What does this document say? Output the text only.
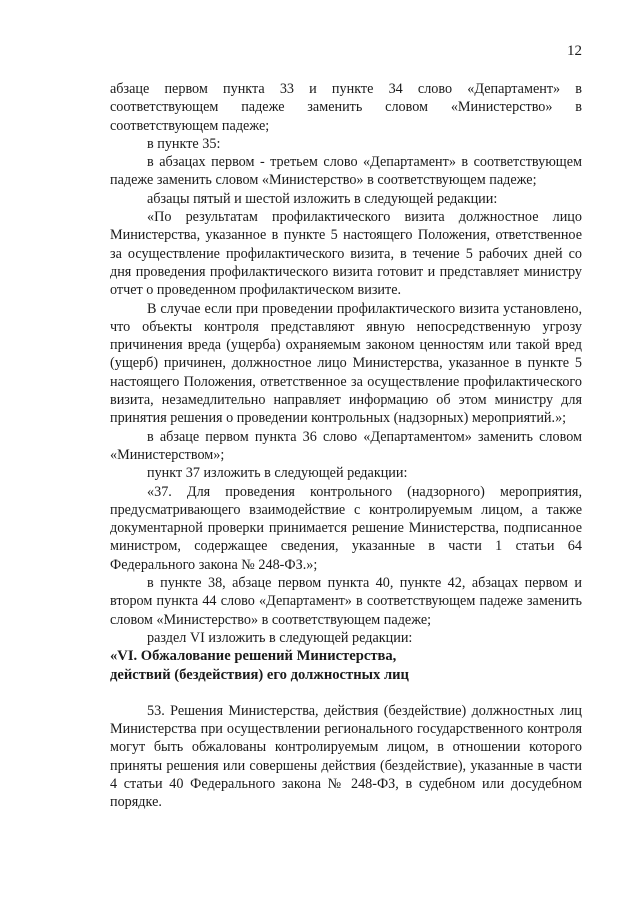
12

абзаце первом пункта 33 и пункте 34 слово «Департамент» в соответствующем падеже заменить словом «Министерство» в соответствующем падеже;

в пункте 35:

в абзацах первом - третьем слово «Департамент» в соответствующем падеже заменить словом «Министерство» в соответствующем падеже;

абзацы пятый и шестой изложить в следующей редакции:

«По результатам профилактического визита должностное лицо Министерства, указанное в пункте 5 настоящего Положения, ответственное за осуществление профилактического визита, в течение 5 рабочих дней со дня проведения профилактического визита готовит и представляет министру отчет о проведенном профилактическом визите.

В случае если при проведении профилактического визита установлено, что объекты контроля представляют явную непосредственную угрозу причинения вреда (ущерба) охраняемым законом ценностям или такой вред (ущерб) причинен, должностное лицо Министерства, указанное в пункте 5 настоящего Положения, ответственное за осуществление профилактического визита, незамедлительно направляет информацию об этом министру для принятия решения о проведении контрольных (надзорных) мероприятий.»;

в абзаце первом пункта 36 слово «Департаментом» заменить словом «Министерством»;

пункт 37 изложить в следующей редакции:

«37. Для проведения контрольного (надзорного) мероприятия, предусматривающего взаимодействие с контролируемым лицом, а также документарной проверки принимается решение Министерства, подписанное министром, содержащее сведения, указанные в части 1 статьи 64 Федерального закона № 248-ФЗ.»;

в пункте 38, абзаце первом пункта 40, пункте 42, абзацах первом и втором пункта 44 слово «Департамент» в соответствующем падеже заменить словом «Министерство» в соответствующем падеже;

раздел VI изложить в следующей редакции:

«VI. Обжалование решений Министерства,

действий (бездействия) его должностных лиц

53. Решения Министерства, действия (бездействие) должностных лиц Министерства при осуществлении регионального государственного контроля могут быть обжалованы контролируемым лицом, в отношении которого приняты решения или совершены действия (бездействие), указанные в части 4 статьи 40 Федерального закона № 248-ФЗ, в судебном или досудебном порядке.
